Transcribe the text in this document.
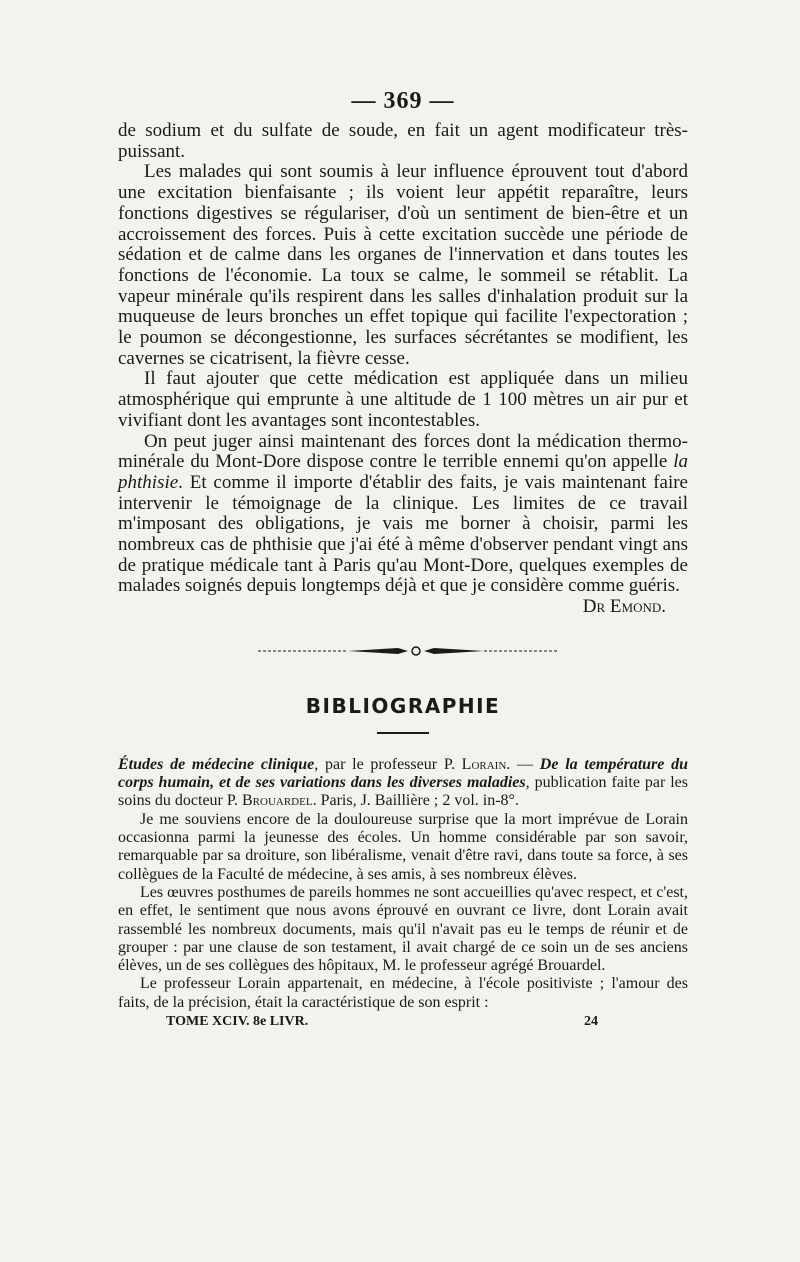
— 369 —

de sodium et du sulfate de soude, en fait un agent modificateur très-puissant.

Les malades qui sont soumis à leur influence éprouvent tout d'abord une excitation bienfaisante ; ils voient leur appétit reparaître, leurs fonctions digestives se régulariser, d'où un sentiment de bien-être et un accroissement des forces. Puis à cette excitation succède une période de sédation et de calme dans les organes de l'innervation et dans toutes les fonctions de l'économie. La toux se calme, le sommeil se rétablit. La vapeur minérale qu'ils respirent dans les salles d'inhalation produit sur la muqueuse de leurs bronches un effet topique qui facilite l'expectoration ; le poumon se décongestionne, les surfaces sécrétantes se modifient, les cavernes se cicatrisent, la fièvre cesse.

Il faut ajouter que cette médication est appliquée dans un milieu atmosphérique qui emprunte à une altitude de 1 100 mètres un air pur et vivifiant dont les avantages sont incontestables.

On peut juger ainsi maintenant des forces dont la médication thermo-minérale du Mont-Dore dispose contre le terrible ennemi qu'on appelle la phthisie. Et comme il importe d'établir des faits, je vais maintenant faire intervenir le témoignage de la clinique. Les limites de ce travail m'imposant des obligations, je vais me borner à choisir, parmi les nombreux cas de phthisie que j'ai été à même d'observer pendant vingt ans de pratique médicale tant à Paris qu'au Mont-Dore, quelques exemples de malades soignés depuis longtemps déjà et que je considère comme guéris.

Dr Emond.
BIBLIOGRAPHIE

Études de médecine clinique, par le professeur P. Lorain. — De la température du corps humain, et de ses variations dans les diverses maladies, publication faite par les soins du docteur P. Brouardel. Paris, J. Baillière ; 2 vol. in-8°.

Je me souviens encore de la douloureuse surprise que la mort imprévue de Lorain occasionna parmi la jeunesse des écoles. Un homme considérable par son savoir, remarquable par sa droiture, son libéralisme, venait d'être ravi, dans toute sa force, à ses collègues de la Faculté de médecine, à ses amis, à ses nombreux élèves.

Les œuvres posthumes de pareils hommes ne sont accueillies qu'avec respect, et c'est, en effet, le sentiment que nous avons éprouvé en ouvrant ce livre, dont Lorain avait rassemblé les nombreux documents, mais qu'il n'avait pas eu le temps de réunir et de grouper : par une clause de son testament, il avait chargé de ce soin un de ses anciens élèves, un de ses collègues des hôpitaux, M. le professeur agrégé Brouardel.

Le professeur Lorain appartenait, en médecine, à l'école positiviste ; l'amour des faits, de la précision, était la caractéristique de son esprit :

TOME XCIV. 8e LIVR.	24
